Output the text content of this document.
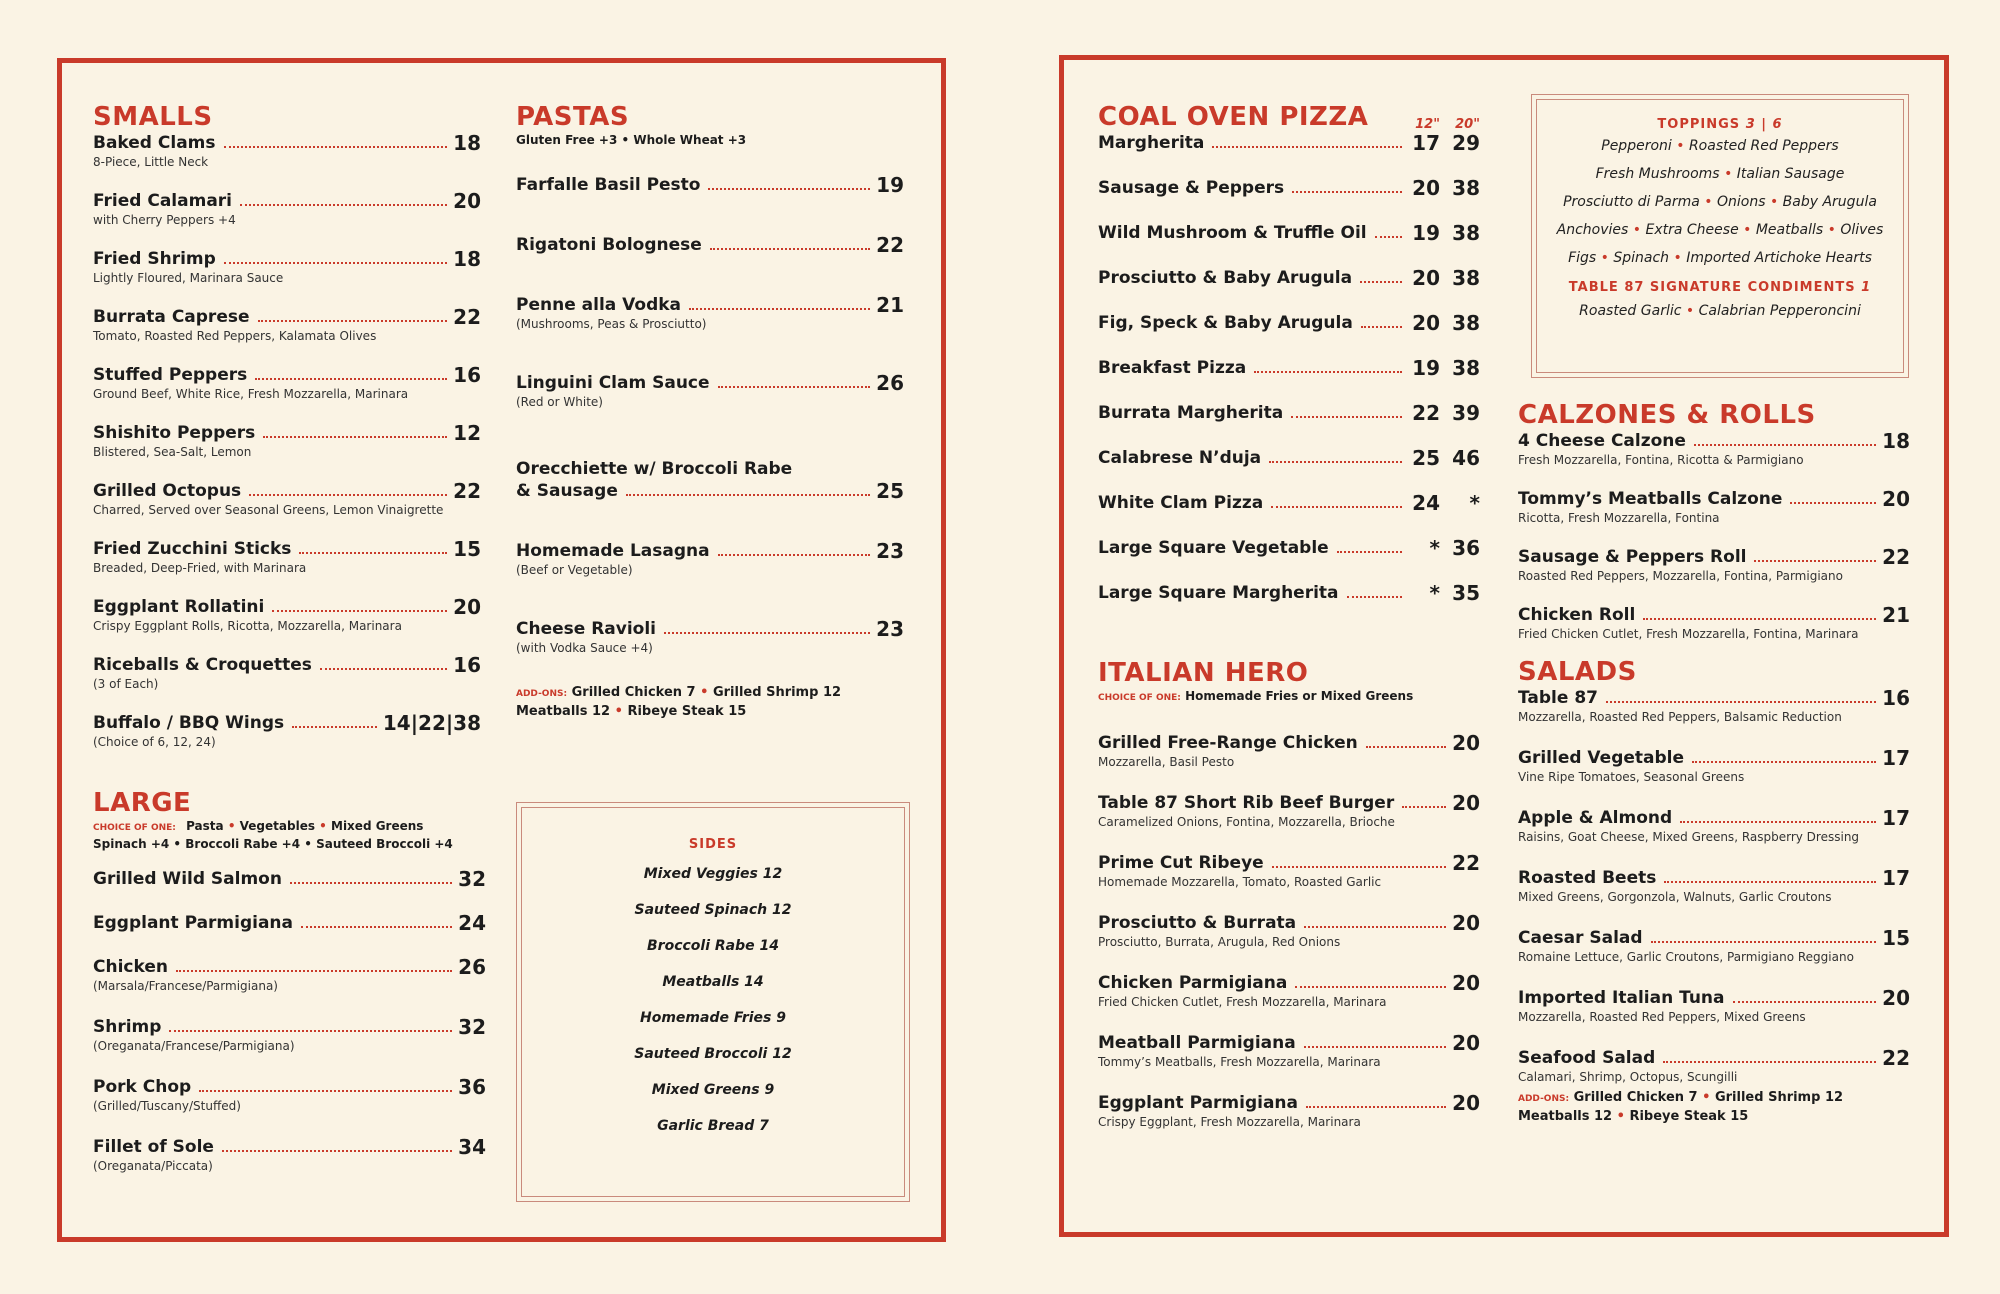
SMALLS
Baked Clams	18
8-Piece, Little Neck
Fried Calamari	20
with Cherry Peppers +4
Fried Shrimp	18
Lightly Floured, Marinara Sauce
Burrata Caprese	22
Tomato, Roasted Red Peppers, Kalamata Olives
Stuffed Peppers	16
Ground Beef, White Rice, Fresh Mozzarella, Marinara
Shishito Peppers	12
Blistered, Sea-Salt, Lemon
Grilled Octopus	22
Charred, Served over Seasonal Greens, Lemon Vinaigrette
Fried Zucchini Sticks	15
Breaded, Deep-Fried, with Marinara
Eggplant Rollatini	20
Crispy Eggplant Rolls, Ricotta, Mozzarella, Marinara
Riceballs & Croquettes	16
(3 of Each)
Buffalo / BBQ Wings	14|22|38
(Choice of 6, 12, 24)
LARGE
CHOICE OF ONE: Pasta • Vegetables • Mixed Greens
Spinach +4 • Broccoli Rabe +4 • Sauteed Broccoli +4
Grilled Wild Salmon	32
Eggplant Parmigiana	24
Chicken	26
(Marsala/Francese/Parmigiana)
Shrimp	32
(Oreganata/Francese/Parmigiana)
Pork Chop	36
(Grilled/Tuscany/Stuffed)
Fillet of Sole	34
(Oreganata/Piccata)
PASTAS
Gluten Free +3 • Whole Wheat +3
Farfalle Basil Pesto	19
Rigatoni Bolognese	22
Penne alla Vodka	21
(Mushrooms, Peas & Prosciutto)
Linguini Clam Sauce	26
(Red or White)
Orecchiette w/ Broccoli Rabe
& Sausage	25
Homemade Lasagna	23
(Beef or Vegetable)
Cheese Ravioli	23
(with Vodka Sauce +4)
ADD-ONS: Grilled Chicken 7 • Grilled Shrimp 12
Meatballs 12 • Ribeye Steak 15
SIDES
Mixed Veggies 12
Sauteed Spinach 12
Broccoli Rabe 14
Meatballs 14
Homemade Fries 9
Sauteed Broccoli 12
Mixed Greens 9
Garlic Bread 7
COAL OVEN PIZZA	12"	20"
Margherita	17 29
Sausage & Peppers	20 38
Wild Mushroom & Truffle Oil 19 38
Prosciutto & Baby Arugula	20 38
Fig, Speck & Baby Arugula	20 38
Breakfast Pizza	19 38
Burrata Margherita	22 39
Calabrese N’duja	25 46
White Clam Pizza	24	*
Large Square Vegetable	* 36
Large Square Margherita	* 35
TOPPINGS 3 | 6
Pepperoni • Roasted Red Peppers
Fresh Mushrooms • Italian Sausage
Prosciutto di Parma • Onions • Baby Arugula
Anchovies • Extra Cheese • Meatballs • Olives
Figs • Spinach • Imported Artichoke Hearts
TABLE 87 SIGNATURE CONDIMENTS 1
Roasted Garlic • Calabrian Pepperoncini
ITALIAN HERO
CHOICE OF ONE: Homemade Fries or Mixed Greens
Grilled Free-Range Chicken	20
Mozzarella, Basil Pesto
Table 87 Short Rib Beef Burger	20
Caramelized Onions, Fontina, Mozzarella, Brioche
Prime Cut Ribeye	22
Homemade Mozzarella, Tomato, Roasted Garlic
Prosciutto & Burrata	20
Prosciutto, Burrata, Arugula, Red Onions
Chicken Parmigiana	20
Fried Chicken Cutlet, Fresh Mozzarella, Marinara
Meatball Parmigiana	20
Tommy’s Meatballs, Fresh Mozzarella, Marinara
Eggplant Parmigiana	20
Crispy Eggplant, Fresh Mozzarella, Marinara
CALZONES & ROLLS
4 Cheese Calzone	18
Fresh Mozzarella, Fontina, Ricotta & Parmigiano
Tommy’s Meatballs Calzone	20
Ricotta, Fresh Mozzarella, Fontina
Sausage & Peppers Roll	22
Roasted Red Peppers, Mozzarella, Fontina, Parmigiano
Chicken Roll	21
Fried Chicken Cutlet, Fresh Mozzarella, Fontina, Marinara
SALADS
Table 87	16
Mozzarella, Roasted Red Peppers, Balsamic Reduction
Grilled Vegetable	17
Vine Ripe Tomatoes, Seasonal Greens
Apple & Almond	17
Raisins, Goat Cheese, Mixed Greens, Raspberry Dressing
Roasted Beets	17
Mixed Greens, Gorgonzola, Walnuts, Garlic Croutons
Caesar Salad	15
Romaine Lettuce, Garlic Croutons, Parmigiano Reggiano
Imported Italian Tuna	20
Mozzarella, Roasted Red Peppers, Mixed Greens
Seafood Salad	22
Calamari, Shrimp, Octopus, Scungilli
ADD-ONS: Grilled Chicken 7 • Grilled Shrimp 12
Meatballs 12 • Ribeye Steak 15
